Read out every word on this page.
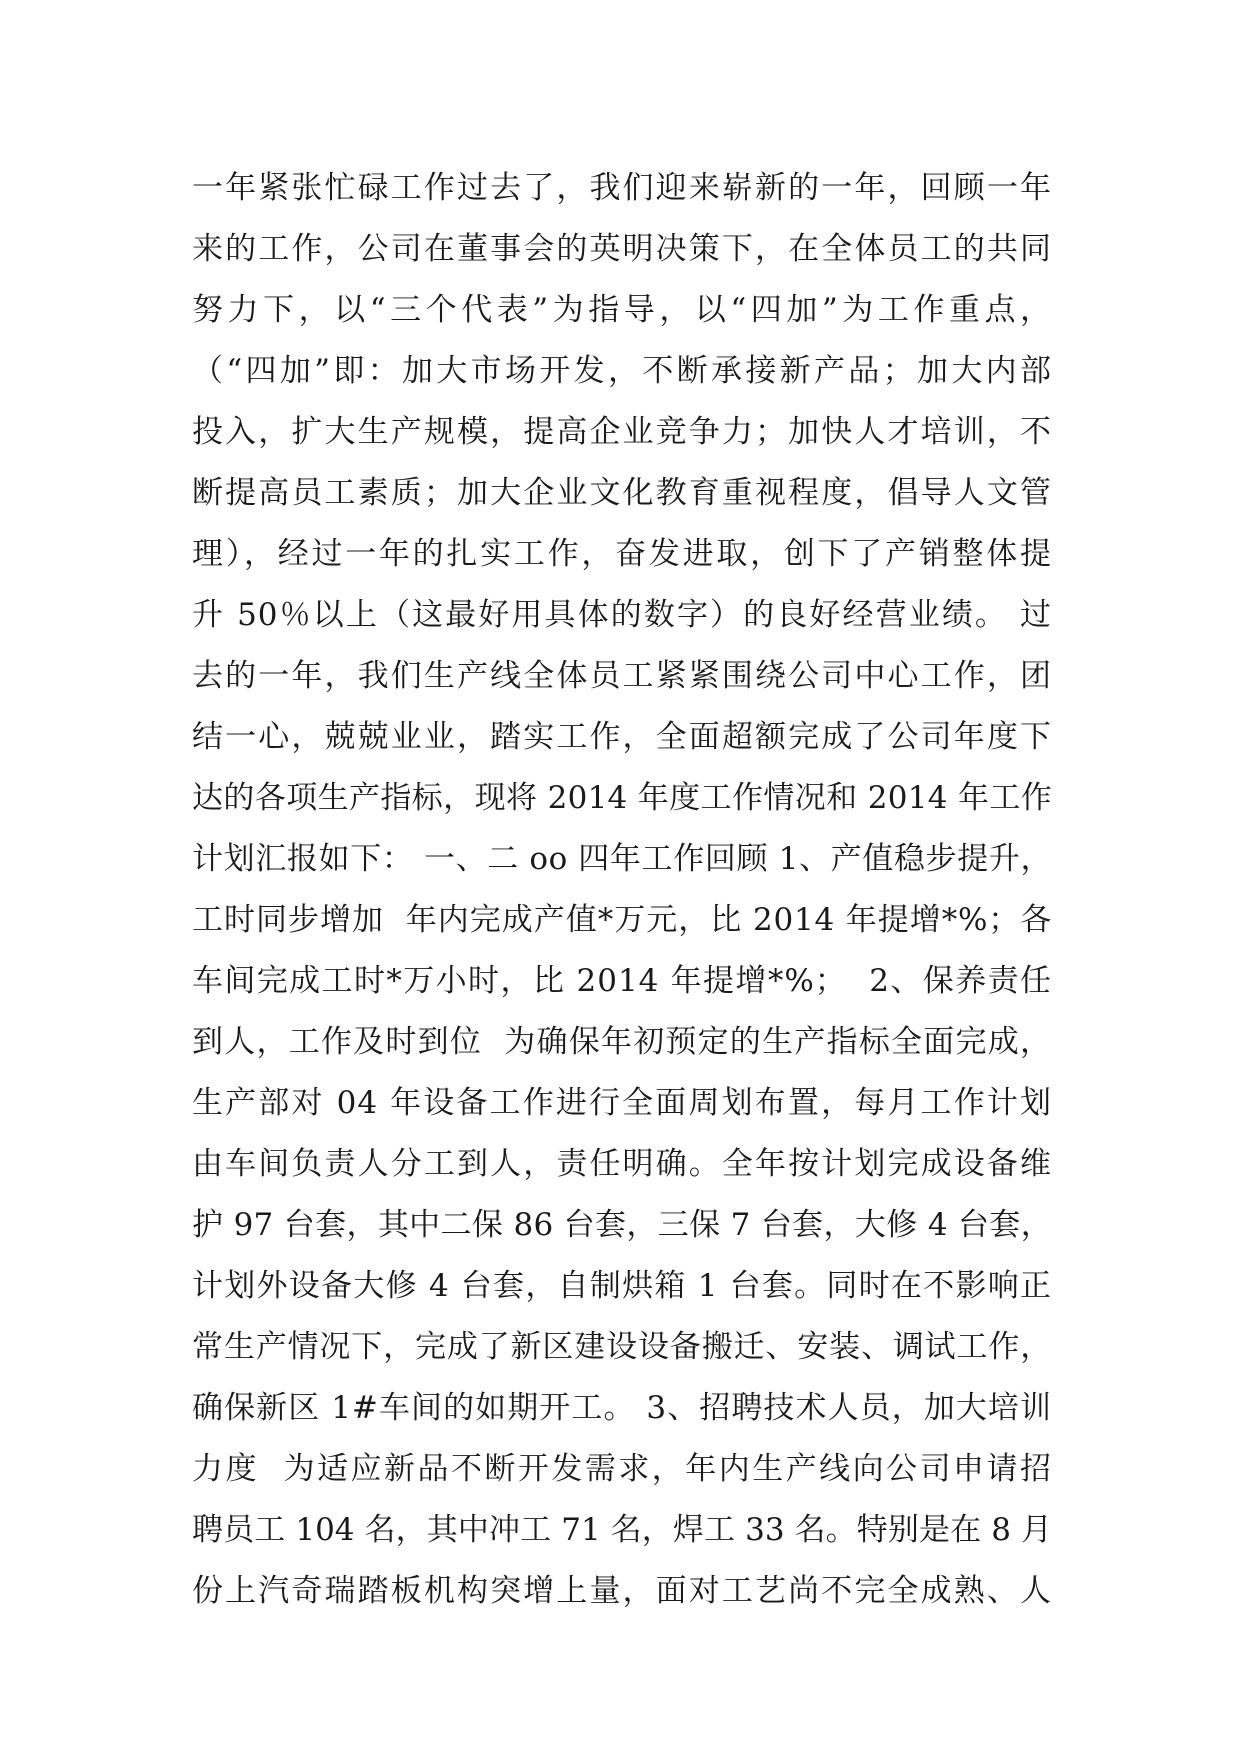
一年紧张忙碌工作过去了，我们迎来崭新的一年，回顾一年
来的工作，公司在董事会的英明决策下，在全体员工的共同
努力下，以“三个代表”为指导，以“四加”为工作重点，
（“四加”即：加大市场开发，不断承接新产品；加大内部
投入，扩大生产规模，提高企业竞争力；加快人才培训，不
断提高员工素质；加大企业文化教育重视程度，倡导人文管
理），经过一年的扎实工作，奋发进取，创下了产销整体提
升 50％以上（这最好用具体的数字）的良好经营业绩。 过
去的一年，我们生产线全体员工紧紧围绕公司中心工作，团
结一心，兢兢业业，踏实工作，全面超额完成了公司年度下
达的各项生产指标，现将 2014 年度工作情况和 2014 年工作
计划汇报如下： 一、二 oo 四年工作回顾 1、产值稳步提升，
工时同步增加  年内完成产值*万元，比 2014 年提增*%；各
车间完成工时*万小时，比 2014 年提增*%；  2、保养责任
到人，工作及时到位  为确保年初预定的生产指标全面完成，
生产部对 04 年设备工作进行全面周划布置，每月工作计划
由车间负责人分工到人，责任明确。全年按计划完成设备维
护 97 台套，其中二保 86 台套，三保 7 台套，大修 4 台套，
计划外设备大修 4 台套，自制烘箱 1 台套。同时在不影响正
常生产情况下，完成了新区建设设备搬迁、安装、调试工作，
确保新区 1#车间的如期开工。 3、招聘技术人员，加大培训
力度  为适应新品不断开发需求，年内生产线向公司申请招
聘员工 104 名，其中冲工 71 名，焊工 33 名。特别是在 8 月
份上汽奇瑞踏板机构突增上量，面对工艺尚不完全成熟、人
